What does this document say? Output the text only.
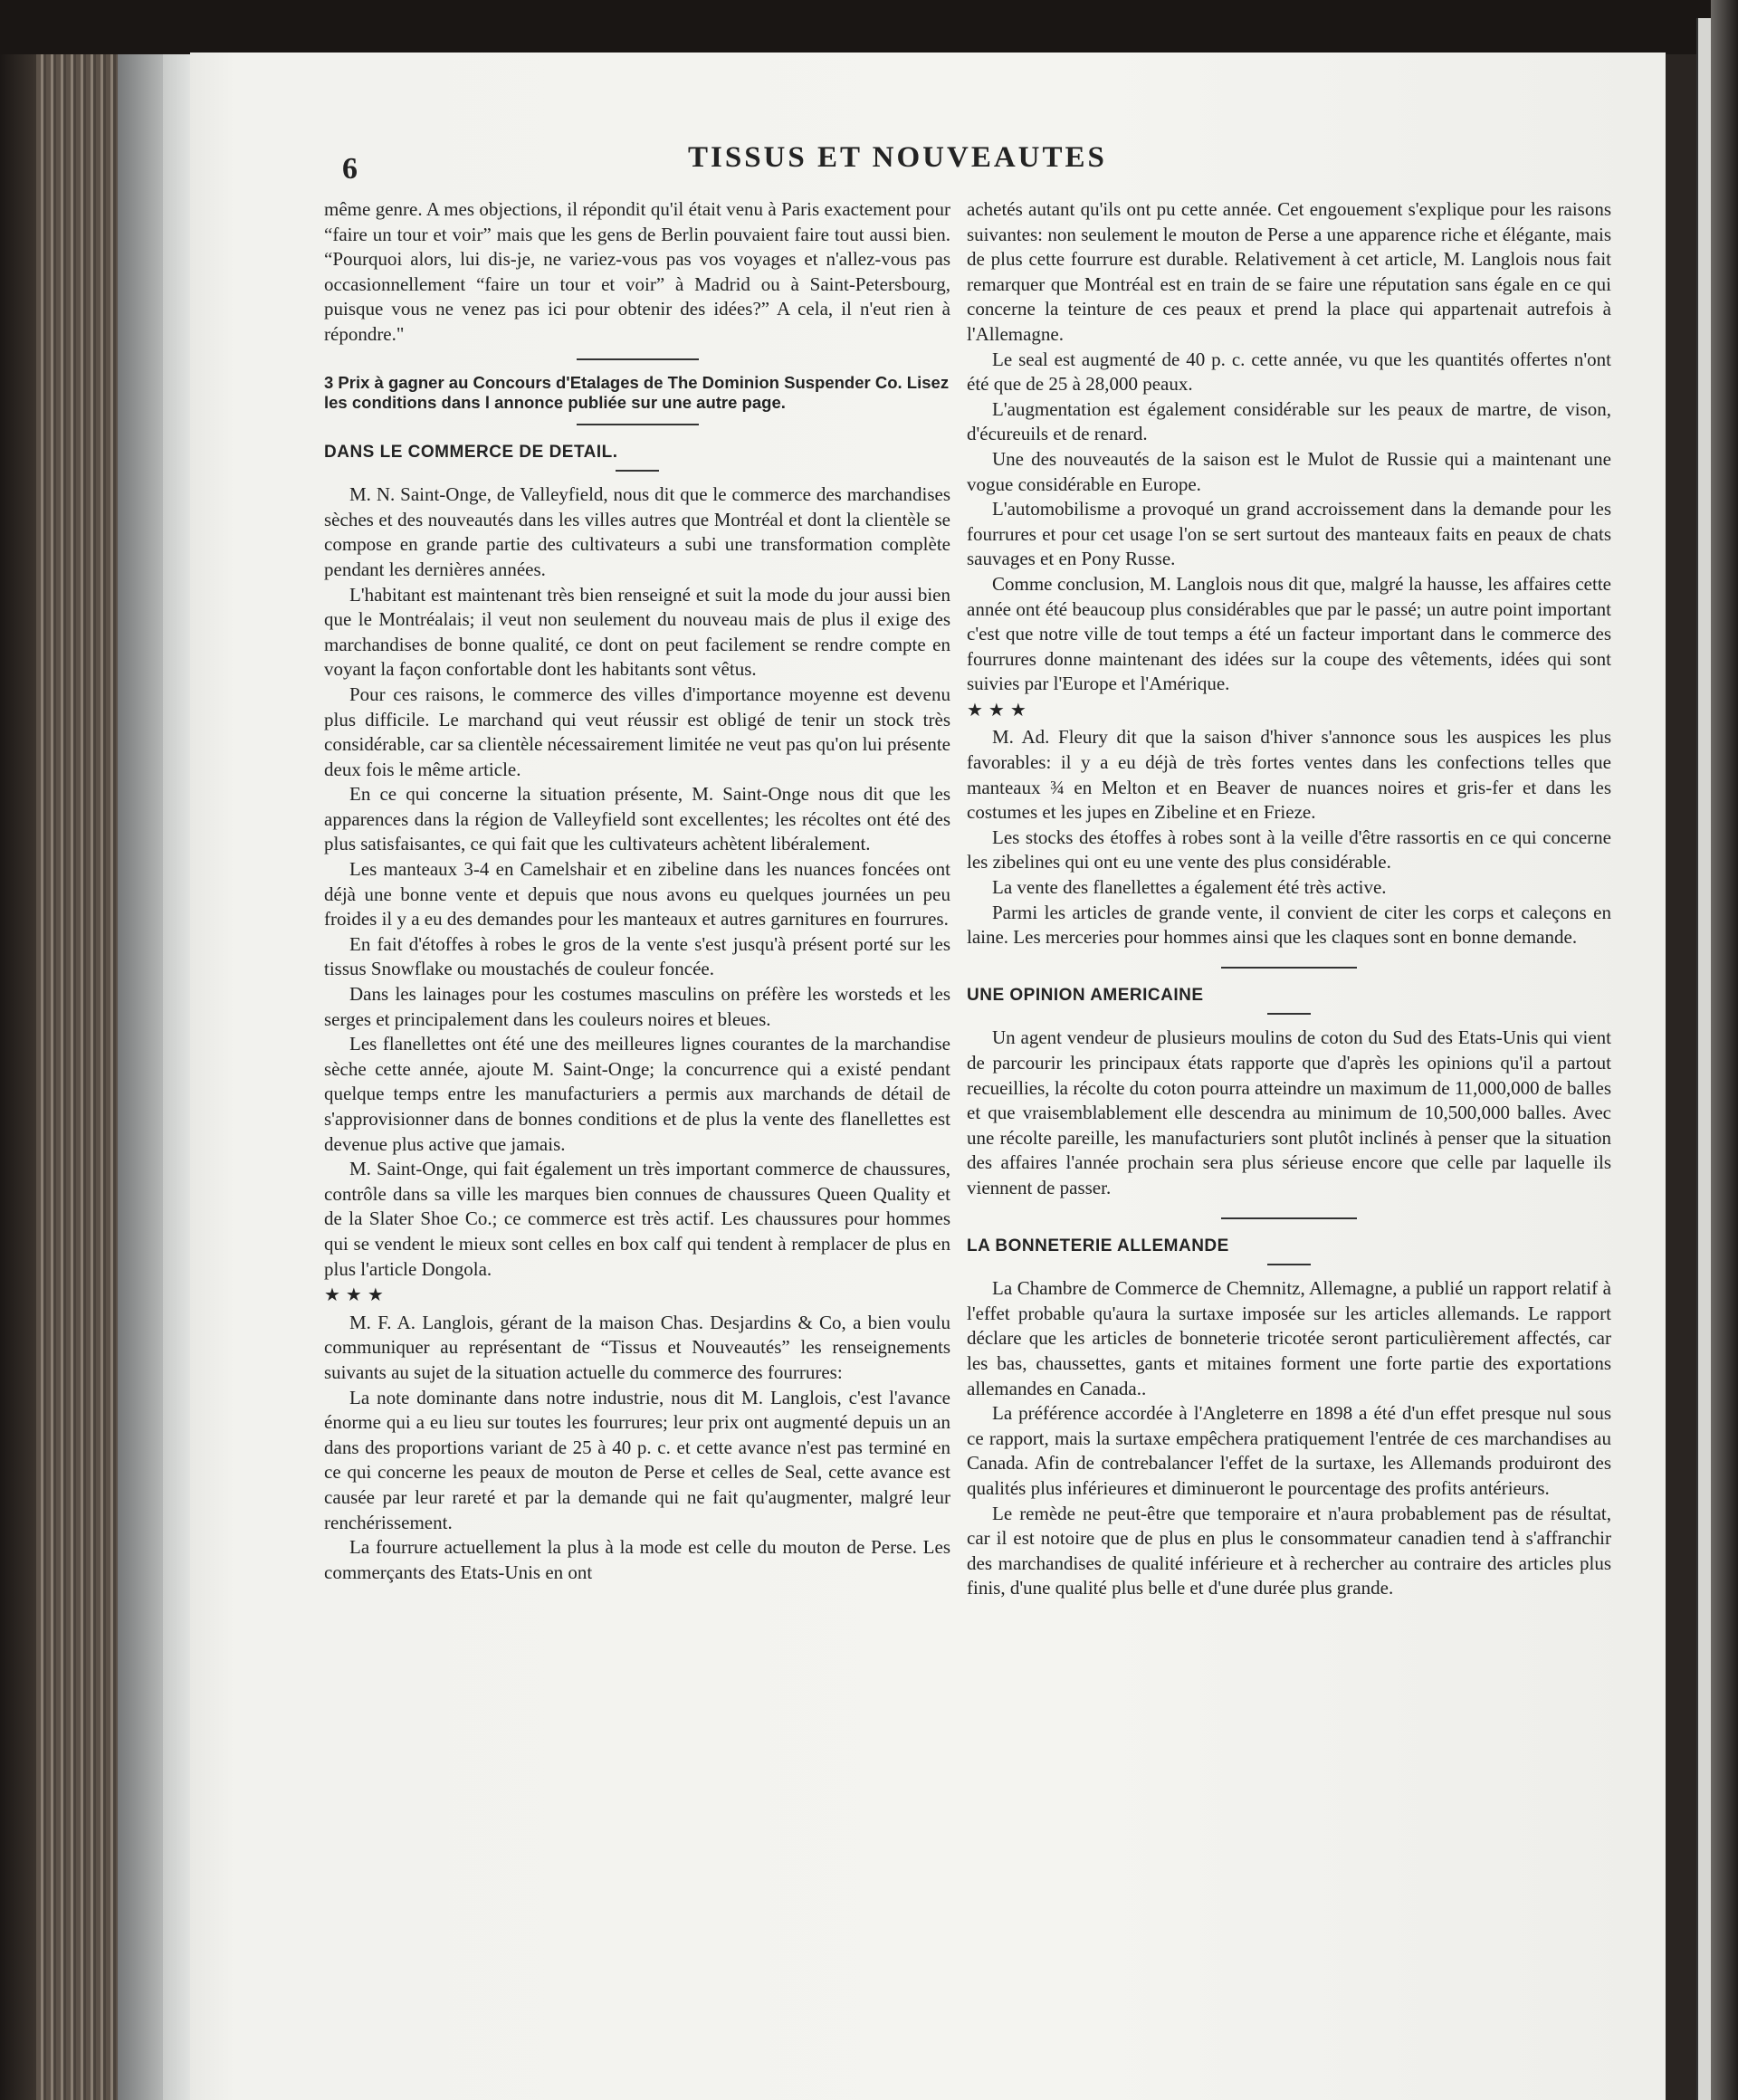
6	TISSUS ET NOUVEAUTES

même genre. A mes objections, il répondit qu'il était venu à Paris exactement pour “faire un tour et voir” mais que les gens de Berlin pouvaient faire tout aussi bien. “Pourquoi alors, lui dis-je, ne variez-vous pas vos voyages et n'allez-vous pas occasionnellement “faire un tour et voir” à Madrid ou à Saint-Petersbourg, puisque vous ne venez pas ici pour obtenir des idées?” A cela, il n'eut rien à répondre."

3 Prix à gagner au Concours d'Etalages de The Dominion Suspender Co. Lisez les conditions dans l annonce publiée sur une autre page.

DANS LE COMMERCE DE DETAIL.

M. N. Saint-Onge, de Valleyfield, nous dit que le commerce des marchandises sèches et des nouveautés dans les villes autres que Montréal et dont la clientèle se compose en grande partie des cultivateurs a subi une transformation complète pendant les dernières années.

L'habitant est maintenant très bien renseigné et suit la mode du jour aussi bien que le Montréalais; il veut non seulement du nouveau mais de plus il exige des marchandises de bonne qualité, ce dont on peut facilement se rendre compte en voyant la façon confortable dont les habitants sont vêtus.

Pour ces raisons, le commerce des villes d'importance moyenne est devenu plus difficile. Le marchand qui veut réussir est obligé de tenir un stock très considérable, car sa clientèle nécessairement limitée ne veut pas qu'on lui présente deux fois le même article.

En ce qui concerne la situation présente, M. Saint-Onge nous dit que les apparences dans la région de Valleyfield sont excellentes; les récoltes ont été des plus satisfaisantes, ce qui fait que les cultivateurs achètent libéralement.

Les manteaux 3-4 en Camelshair et en zibeline dans les nuances foncées ont déjà une bonne vente et depuis que nous avons eu quelques journées un peu froides il y a eu des demandes pour les manteaux et autres garnitures en fourrures.

En fait d'étoffes à robes le gros de la vente s'est jusqu'à présent porté sur les tissus Snowflake ou moustachés de couleur foncée.

Dans les lainages pour les costumes masculins on préfère les worsteds et les serges et principalement dans les couleurs noires et bleues.

Les flanellettes ont été une des meilleures lignes courantes de la marchandise sèche cette année, ajoute M. Saint-Onge; la concurrence qui a existé pendant quelque temps entre les manufacturiers a permis aux marchands de détail de s'approvisionner dans de bonnes conditions et de plus la vente des flanellettes est devenue plus active que jamais.

M. Saint-Onge, qui fait également un très important commerce de chaussures, contrôle dans sa ville les marques bien connues de chaussures Queen Quality et de la Slater Shoe Co.; ce commerce est très actif. Les chaussures pour hommes qui se vendent le mieux sont celles en box calf qui tendent à remplacer de plus en plus l'article Dongola.

★★★

M. F. A. Langlois, gérant de la maison Chas. Desjardins & Co, a bien voulu communiquer au représentant de “Tissus et Nouveautés” les renseignements suivants au sujet de la situation actuelle du commerce des fourrures:

La note dominante dans notre industrie, nous dit M. Langlois, c'est l'avance énorme qui a eu lieu sur toutes les fourrures; leur prix ont augmenté depuis un an dans des proportions variant de 25 à 40 p. c. et cette avance n'est pas terminé en ce qui concerne les peaux de mouton de Perse et celles de Seal, cette avance est causée par leur rareté et par la demande qui ne fait qu'augmenter, malgré leur renchérissement.

La fourrure actuellement la plus à la mode est celle du mouton de Perse. Les commerçants des Etats-Unis en ont

achetés autant qu'ils ont pu cette année. Cet engouement s'explique pour les raisons suivantes: non seulement le mouton de Perse a une apparence riche et élégante, mais de plus cette fourrure est durable. Relativement à cet article, M. Langlois nous fait remarquer que Montréal est en train de se faire une réputation sans égale en ce qui concerne la teinture de ces peaux et prend la place qui appartenait autrefois à l'Allemagne.

Le seal est augmenté de 40 p. c. cette année, vu que les quantités offertes n'ont été que de 25 à 28,000 peaux.

L'augmentation est également considérable sur les peaux de martre, de vison, d'écureuils et de renard.

Une des nouveautés de la saison est le Mulot de Russie qui a maintenant une vogue considérable en Europe.

L'automobilisme a provoqué un grand accroissement dans la demande pour les fourrures et pour cet usage l'on se sert surtout des manteaux faits en peaux de chats sauvages et en Pony Russe.

Comme conclusion, M. Langlois nous dit que, malgré la hausse, les affaires cette année ont été beaucoup plus considérables que par le passé; un autre point important c'est que notre ville de tout temps a été un facteur important dans le commerce des fourrures donne maintenant des idées sur la coupe des vêtements, idées qui sont suivies par l'Europe et l'Amérique.

★★★

M. Ad. Fleury dit que la saison d'hiver s'annonce sous les auspices les plus favorables: il y a eu déjà de très fortes ventes dans les confections telles que manteaux ¾ en Melton et en Beaver de nuances noires et gris-fer et dans les costumes et les jupes en Zibeline et en Frieze.

Les stocks des étoffes à robes sont à la veille d'être rassortis en ce qui concerne les zibelines qui ont eu une vente des plus considérable.

La vente des flanellettes a également été très active.

Parmi les articles de grande vente, il convient de citer les corps et caleçons en laine. Les merceries pour hommes ainsi que les claques sont en bonne demande.

UNE OPINION AMERICAINE

Un agent vendeur de plusieurs moulins de coton du Sud des Etats-Unis qui vient de parcourir les principaux états rapporte que d'après les opinions qu'il a partout recueillies, la récolte du coton pourra atteindre un maximum de 11,000,000 de balles et que vraisemblablement elle descendra au minimum de 10,500,000 balles. Avec une récolte pareille, les manufacturiers sont plutôt inclinés à penser que la situation des affaires l'année prochain sera plus sérieuse encore que celle par laquelle ils viennent de passer.

LA BONNETERIE ALLEMANDE

La Chambre de Commerce de Chemnitz, Allemagne, a publié un rapport relatif à l'effet probable qu'aura la surtaxe imposée sur les articles allemands. Le rapport déclare que les articles de bonneterie tricotée seront particulièrement affectés, car les bas, chaussettes, gants et mitaines forment une forte partie des exportations allemandes en Canada..

La préférence accordée à l'Angleterre en 1898 a été d'un effet presque nul sous ce rapport, mais la surtaxe empêchera pratiquement l'entrée de ces marchandises au Canada. Afin de contrebalancer l'effet de la surtaxe, les Allemands produiront des qualités plus inférieures et diminueront le pourcentage des profits antérieurs.

Le remède ne peut-être que temporaire et n'aura probablement pas de résultat, car il est notoire que de plus en plus le consommateur canadien tend à s'affranchir des marchandises de qualité inférieure et à rechercher au contraire des articles plus finis, d'une qualité plus belle et d'une durée plus grande.
